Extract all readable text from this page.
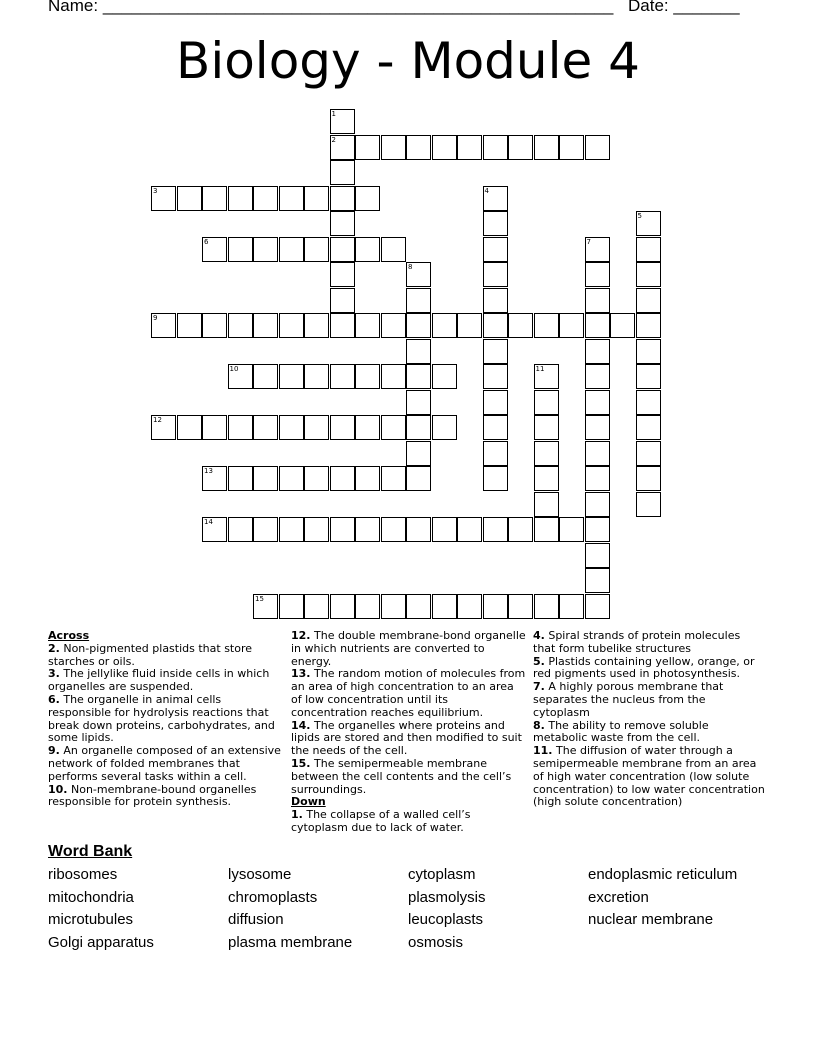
Name: ______________________________________________________ Date: _______
Biology - Module 4
1
2
3	4
5
6	7
8
9
10	11
12
13
14
15
Across

2. Non-pigmented plastids that store starches or oils.

3. The jellylike fluid inside cells in which organelles are suspended.

6. The organelle in animal cells responsible for hydrolysis reactions that break down proteins, carbohydrates, and some lipids.

9. An organelle composed of an extensive network of folded membranes that performs several tasks within a cell.

10. Non-membrane-bound organelles responsible for protein synthesis.

12. The double membrane-bond organelle in which nutrients are converted to energy.

13. The random motion of molecules from an area of high concentration to an area of low concentration until its concentration reaches equilibrium.

14. The organelles where proteins and lipids are stored and then modified to suit the needs of the cell.

15. The semipermeable membrane between the cell contents and the cell’s surroundings.

Down

1. The collapse of a walled cell’s cytoplasm due to lack of water.

4. Spiral strands of protein molecules that form tubelike structures

5. Plastids containing yellow, orange, or red pigments used in photosynthesis.

7. A highly porous membrane that separates the nucleus from the cytoplasm

8. The ability to remove soluble metabolic waste from the cell.

11. The diffusion of water through a semipermeable membrane from an area of high water concentration (low solute concentration) to low water concentration (high solute concentration)

Word Bank
ribosomes	lysosome	cytoplasm	endoplasmic reticulum
mitochondria	chromoplasts	plasmolysis	excretion
microtubules	diffusion	leucoplasts	nuclear membrane
Golgi apparatus	plasma membrane	osmosis
